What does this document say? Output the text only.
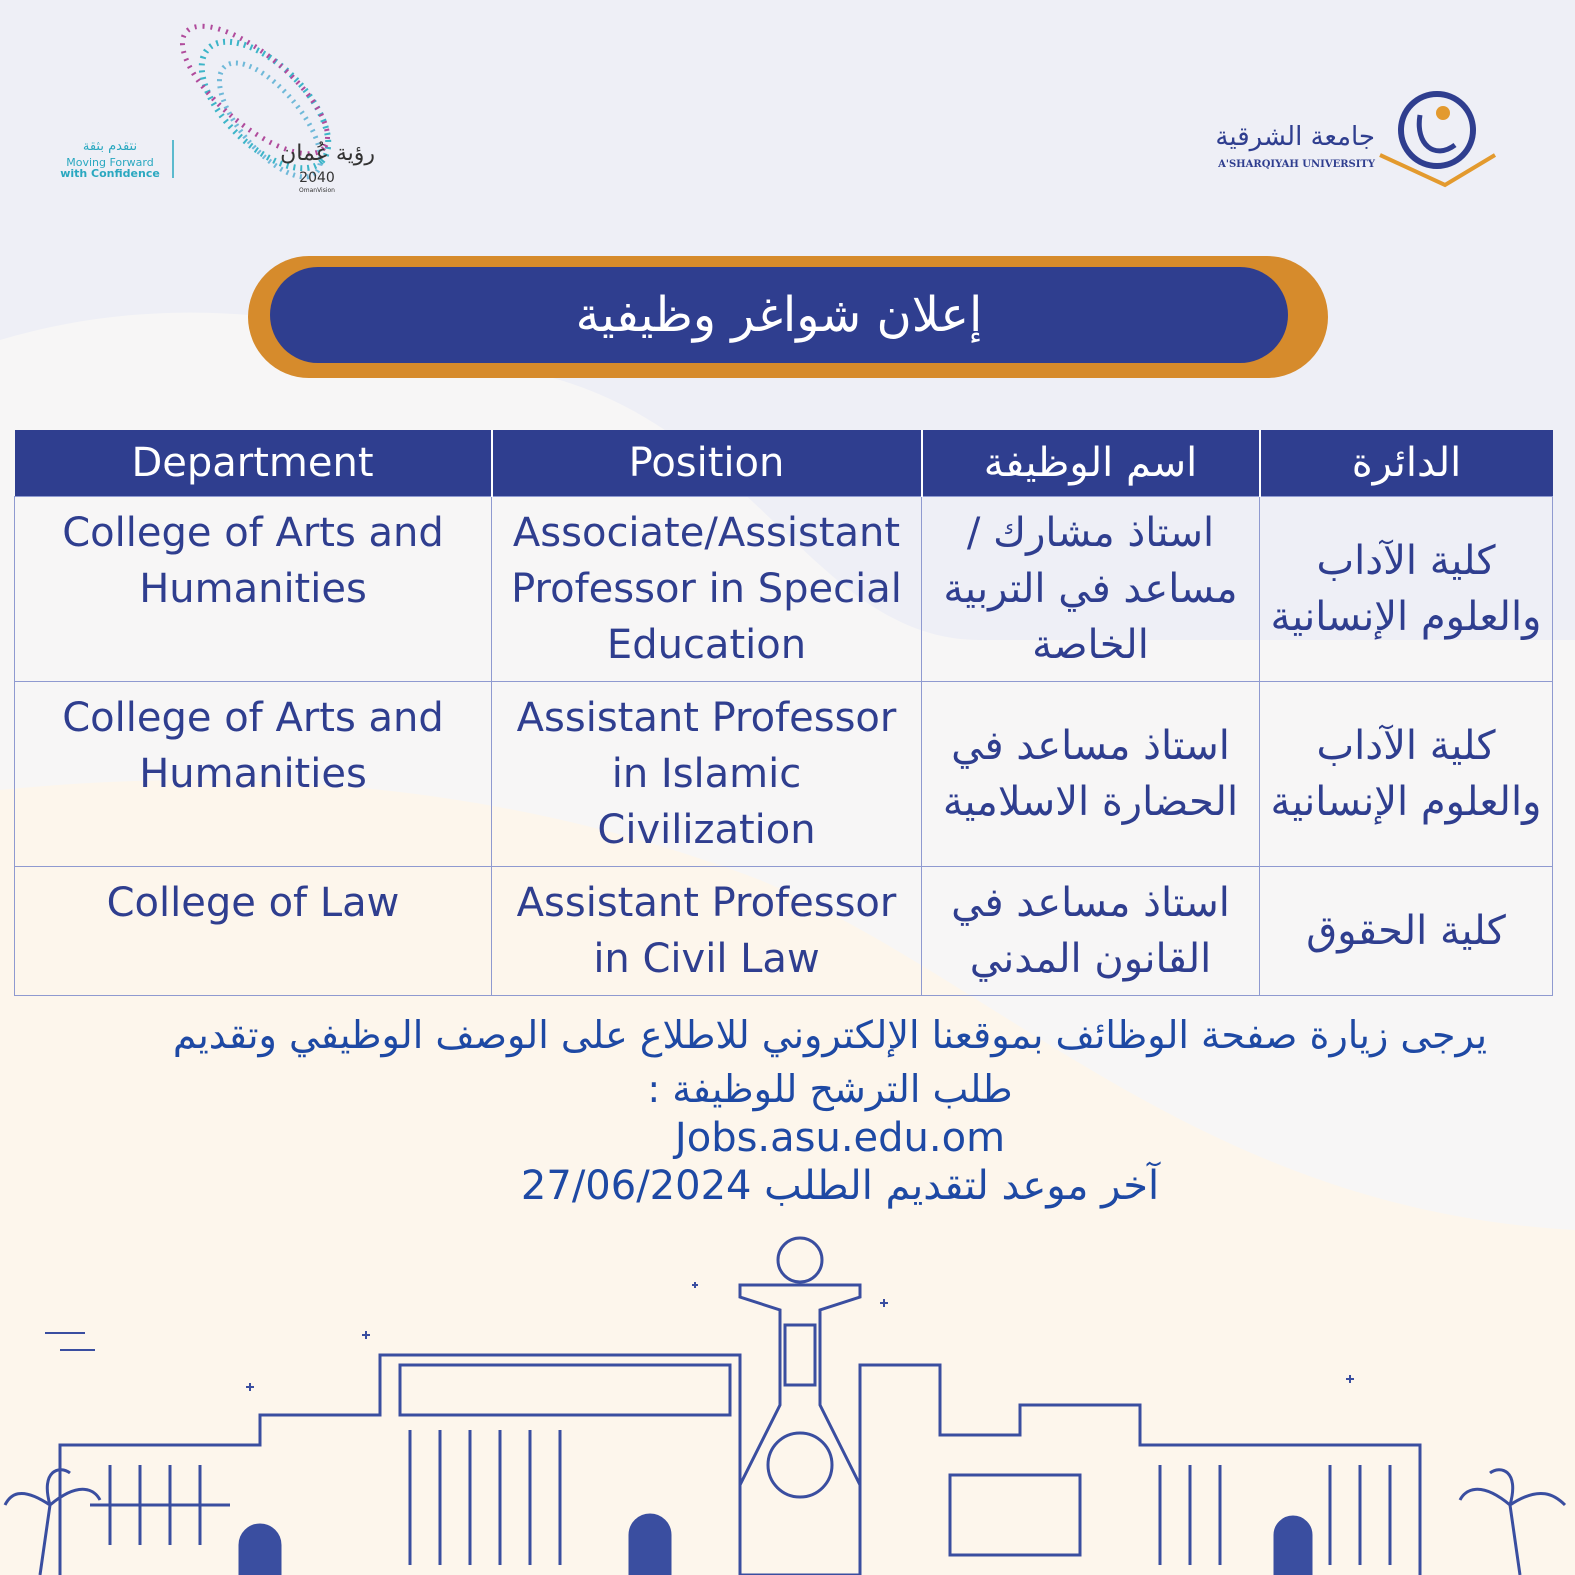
رؤية عُمان
2040
OmanVision
نتقدم بثقة
Moving Forward
with Confidence
جامعة الشرقية
A'SHARQIYAH UNIVERSITY
إعلان شواغر وظيفية
Department	Position	اسم الوظيفة	الدائرة
College of Arts and Humanities	Associate/Assistant Professor in Special Education	استاذ مشارك / مساعد في التربية الخاصة	كلية الآداب والعلوم الإنسانية
College of Arts and Humanities	Assistant Professor in Islamic Civilization	استاذ مساعد في الحضارة الاسلامية	كلية الآداب والعلوم الإنسانية
College of Law	Assistant Professor in Civil Law	استاذ مساعد في القانون المدني	كلية الحقوق
يرجى زيارة صفحة الوظائف بموقعنا الإلكتروني للاطلاع على الوصف الوظيفي وتقديم طلب الترشح للوظيفة :
Jobs.asu.edu.om
آخر موعد لتقديم الطلب 27/06/2024
